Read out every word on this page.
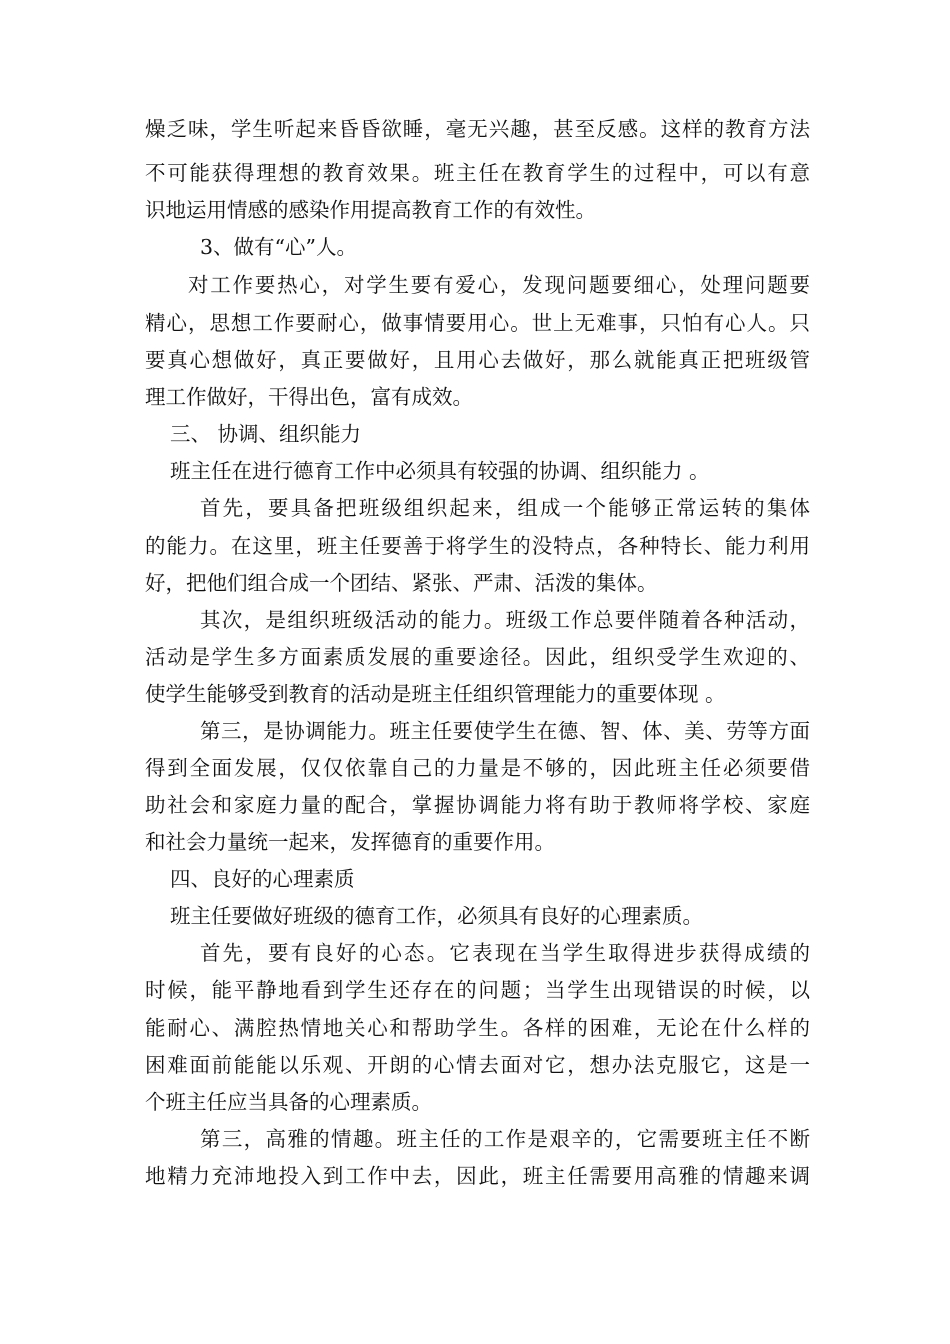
燥乏味，学生听起来昏昏欲睡，毫无兴趣，甚至反感。这样的教育方法
不可能获得理想的教育效果。班主任在教育学生的过程中，可以有意
识地运用情感的感染作用提高教育工作的有效性。
3、做有“心”人。
对工作要热心，对学生要有爱心，发现问题要细心，处理问题要
精心，思想工作要耐心，做事情要用心。世上无难事，只怕有心人。只
要真心想做好，真正要做好，且用心去做好，那么就能真正把班级管
理工作做好，干得出色，富有成效。
三、 协调、组织能力
班主任在进行德育工作中必须具有较强的协调、组织能力 。
首先，要具备把班级组织起来，组成一个能够正常运转的集体
的能力。在这里，班主任要善于将学生的没特点，各种特长、能力利用
好，把他们组合成一个团结、紧张、严肃、活泼的集体。
其次，是组织班级活动的能力。班级工作总要伴随着各种活动，
活动是学生多方面素质发展的重要途径。因此，组织受学生欢迎的、
使学生能够受到教育的活动是班主任组织管理能力的重要体现 。
第三，是协调能力。班主任要使学生在德、智、体、美、劳等方面
得到全面发展，仅仅依靠自己的力量是不够的，因此班主任必须要借
助社会和家庭力量的配合，掌握协调能力将有助于教师将学校、家庭
和社会力量统一起来，发挥德育的重要作用。
四、良好的心理素质
班主任要做好班级的德育工作，必须具有良好的心理素质。
首先，要有良好的心态。它表现在当学生取得进步获得成绩的
时候，能平静地看到学生还存在的问题；当学生出现错误的时候，以
能耐心、满腔热情地关心和帮助学生。各样的困难，无论在什么样的
困难面前能能以乐观、开朗的心情去面对它，想办法克服它，这是一
个班主任应当具备的心理素质。
第三，高雅的情趣。班主任的工作是艰辛的，它需要班主任不断
地精力充沛地投入到工作中去，因此，班主任需要用高雅的情趣来调
